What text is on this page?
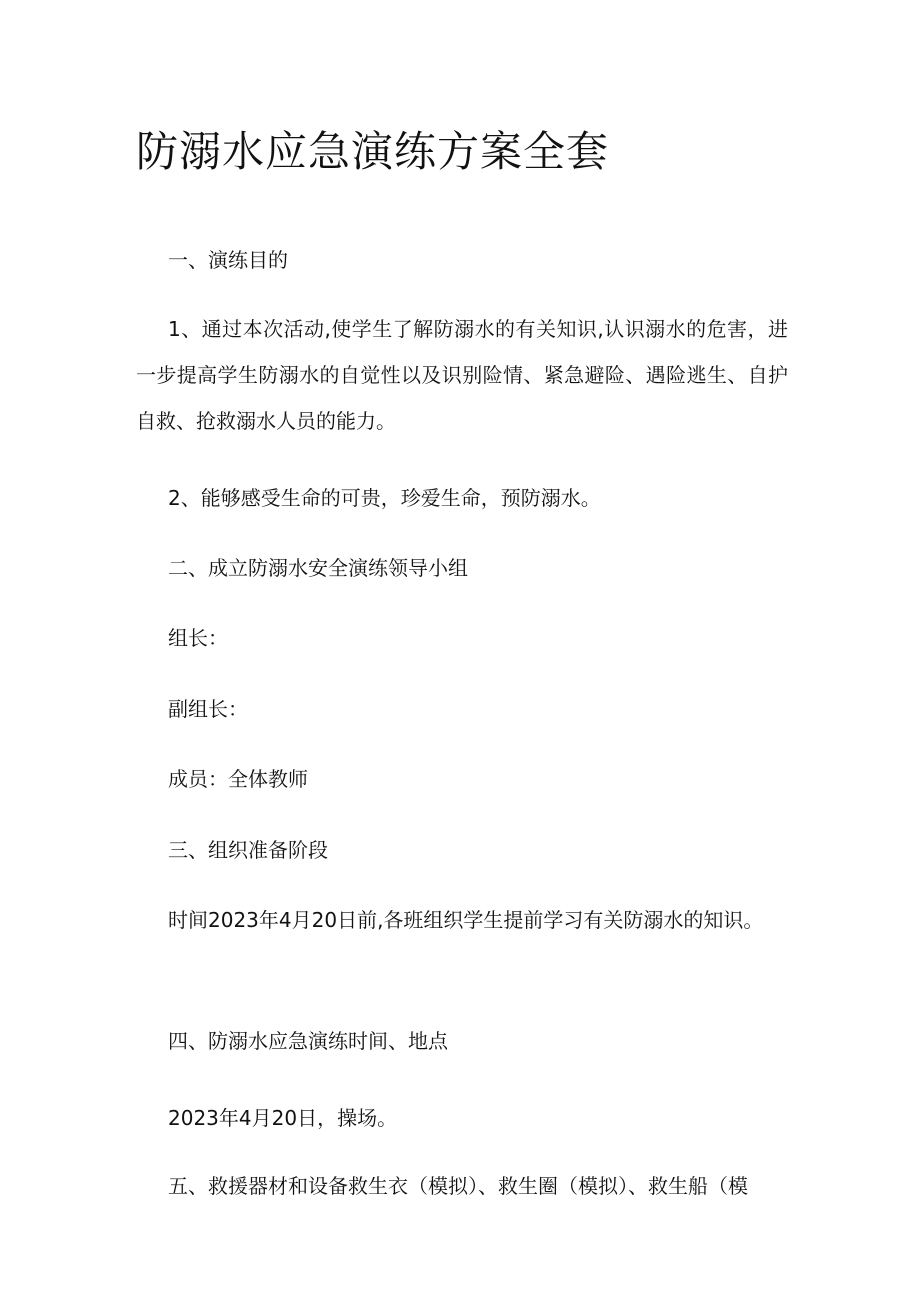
防溺水应急演练方案全套

一、演练目的

1、通过本次活动,使学生了解防溺水的有关知识,认识溺水的危害，进一步提高学生防溺水的自觉性以及识别险情、紧急避险、遇险逃生、自护自救、抢救溺水人员的能力。

2、能够感受生命的可贵，珍爱生命，预防溺水。

二、成立防溺水安全演练领导小组

组长：

副组长：

成员：全体教师

三、组织准备阶段

时间2023年4月20日前,各班组织学生提前学习有关防溺水的知识。

四、防溺水应急演练时间、地点

2023年4月20日，操场。

五、救援器材和设备救生衣（模拟）、救生圈（模拟）、救生船（模
